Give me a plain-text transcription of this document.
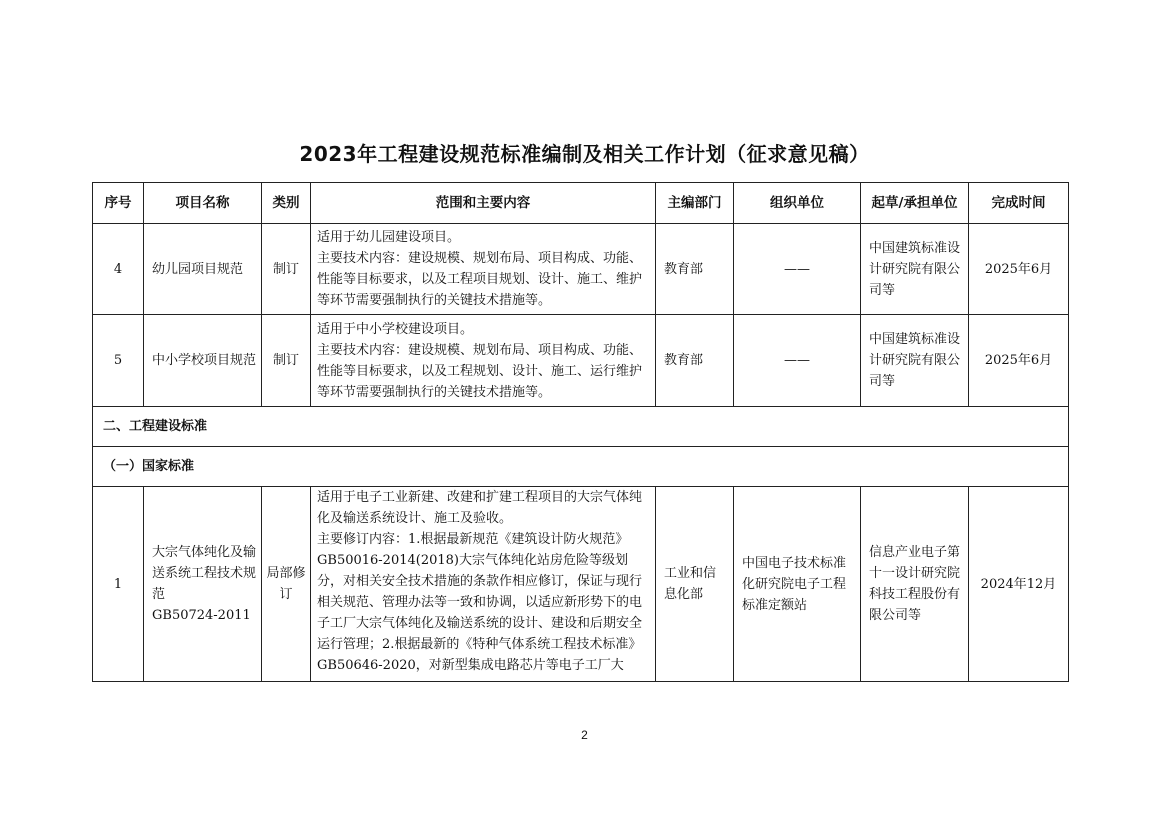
2023年工程建设规范标准编制及相关工作计划（征求意见稿）
序号	项目名称	类别	范围和主要内容	主编部门	组织单位	起草/承担单位	完成时间
4	幼儿园项目规范	制订	适用于幼儿园建设项目。
主要技术内容：建设规模、规划布局、项目构成、功能、性能等目标要求，以及工程项目规划、设计、施工、维护等环节需要强制执行的关键技术措施等。	教育部	——	中国建筑标准设计研究院有限公司等	2025年6月
5	中小学校项目规范	制订	适用于中小学校建设项目。
主要技术内容：建设规模、规划布局、项目构成、功能、性能等目标要求，以及工程规划、设计、施工、运行维护等环节需要强制执行的关键技术措施等。	教育部	——	中国建筑标准设计研究院有限公司等	2025年6月
二、工程建设标准							
（一）国家标准							
1	大宗气体纯化及输送系统工程技术规范
GB50724-2011	局部修订	适用于电子工业新建、改建和扩建工程项目的大宗气体纯化及输送系统设计、施工及验收。
主要修订内容：1.根据最新规范《建筑设计防火规范》GB50016-2014(2018)大宗气体纯化站房危险等级划分，对相关安全技术措施的条款作相应修订，保证与现行相关规范、管理办法等一致和协调，以适应新形势下的电子工厂大宗气体纯化及输送系统的设计、建设和后期安全运行管理；2.根据最新的《特种气体系统工程技术标准》GB50646-2020，对新型集成电路芯片等电子工厂大	工业和信息化部	中国电子技术标准化研究院电子工程标准定额站	信息产业电子第十一设计研究院科技工程股份有限公司等	2024年12月
2
